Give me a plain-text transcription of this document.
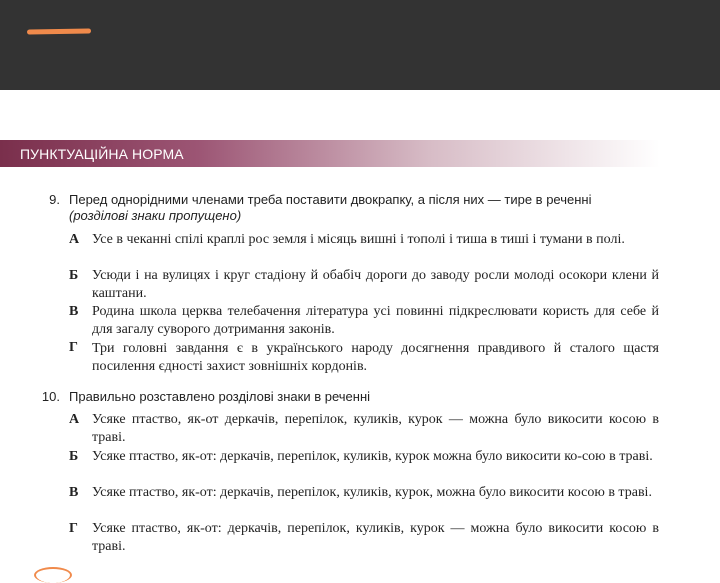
ПУНКТУАЦІЙНА НОРМА
9. Перед однорідними членами треба поставити двокрапку, а після них — тире в реченні
(розділові знаки пропущено)
А Усе в чеканні спілі краплі рос земля і місяць вишні і тополі і тиша в тиші і тумани в полі.
Б Усюди і на вулицях і круг стадіону й обабіч дороги до заводу росли молоді осокори клени й каштани.
В Родина школа церква телебачення література усі повинні підкреслювати користь для себе й для загалу суворого дотримання законів.
Г Три головні завдання є в українського народу досягнення правдивого й сталого щастя посилення єдності захист зовнішніх кордонів.
10. Правильно розставлено розділові знаки в реченні
А Усяке птаство, як-от деркачів, перепілок, куликів, курок — можна було викосити косою в траві.
Б Усяке птаство, як-от: деркачів, перепілок, куликів, курок можна було викосити ко-сою в траві.
В Усяке птаство, як-от: деркачів, перепілок, куликів, курок, можна було викосити косою в траві.
Г Усяке птаство, як-от: деркачів, перепілок, куликів, курок — можна було викосити косою в траві.
